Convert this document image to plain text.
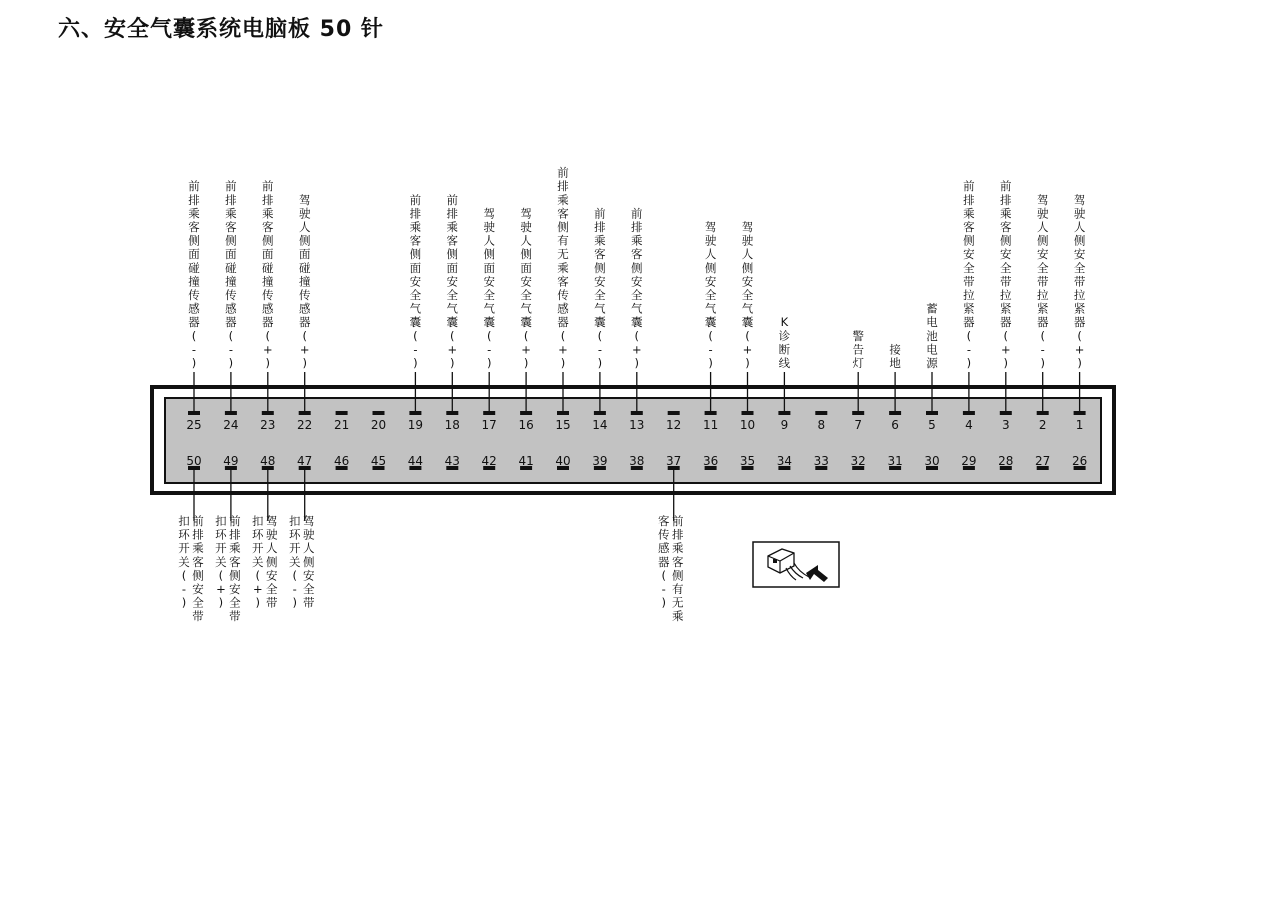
六、安全气囊系统电脑板 50 针
25 24 23 22 21 20 19 18 17 16 15 14 13 12 11 10 9 8 7 6 5 4 3 2 1
50 49 48 47 46 45 44 43 42 41 40 39 38 37 36 35 34 33 32 31 30 29 28 27 26
前排乘客侧面碰撞传感器
( -)
前排乘客侧面碰撞传感器
( -)
前排乘客侧面碰撞传感器
( + )
驾驶人侧面碰撞传感器
( + )
前排乘客侧面安全气囊
( -)
前排乘客侧面安全气囊
( + )
驾驶人侧面安全气囊
( -)
驾驶人侧面安全气囊
( + )
前排乘客侧有无乘客传感器
( + )
前排乘客侧安全气囊
( -)
前排乘客侧安全气囊
( + )
驾驶人侧安全气囊
( -)
驾驶人侧安全气囊
( + )
K
诊断线
警告灯
接地
蓄电池电源
前排乘客侧安全带拉紧器
( -)
前排乘客侧安全带拉紧器
( + )
驾驶人侧安全带拉紧器
( -)
驾驶人侧安全带拉紧器
( + )
前排乘客侧安全带
扣环开关( -)
前排乘客侧安全带
扣环开关( + )
驾驶人侧安全带
扣环开关( + )
驾驶人侧安全带
扣环开关( -)
前排乘客侧有无乘
客传感器( -)
